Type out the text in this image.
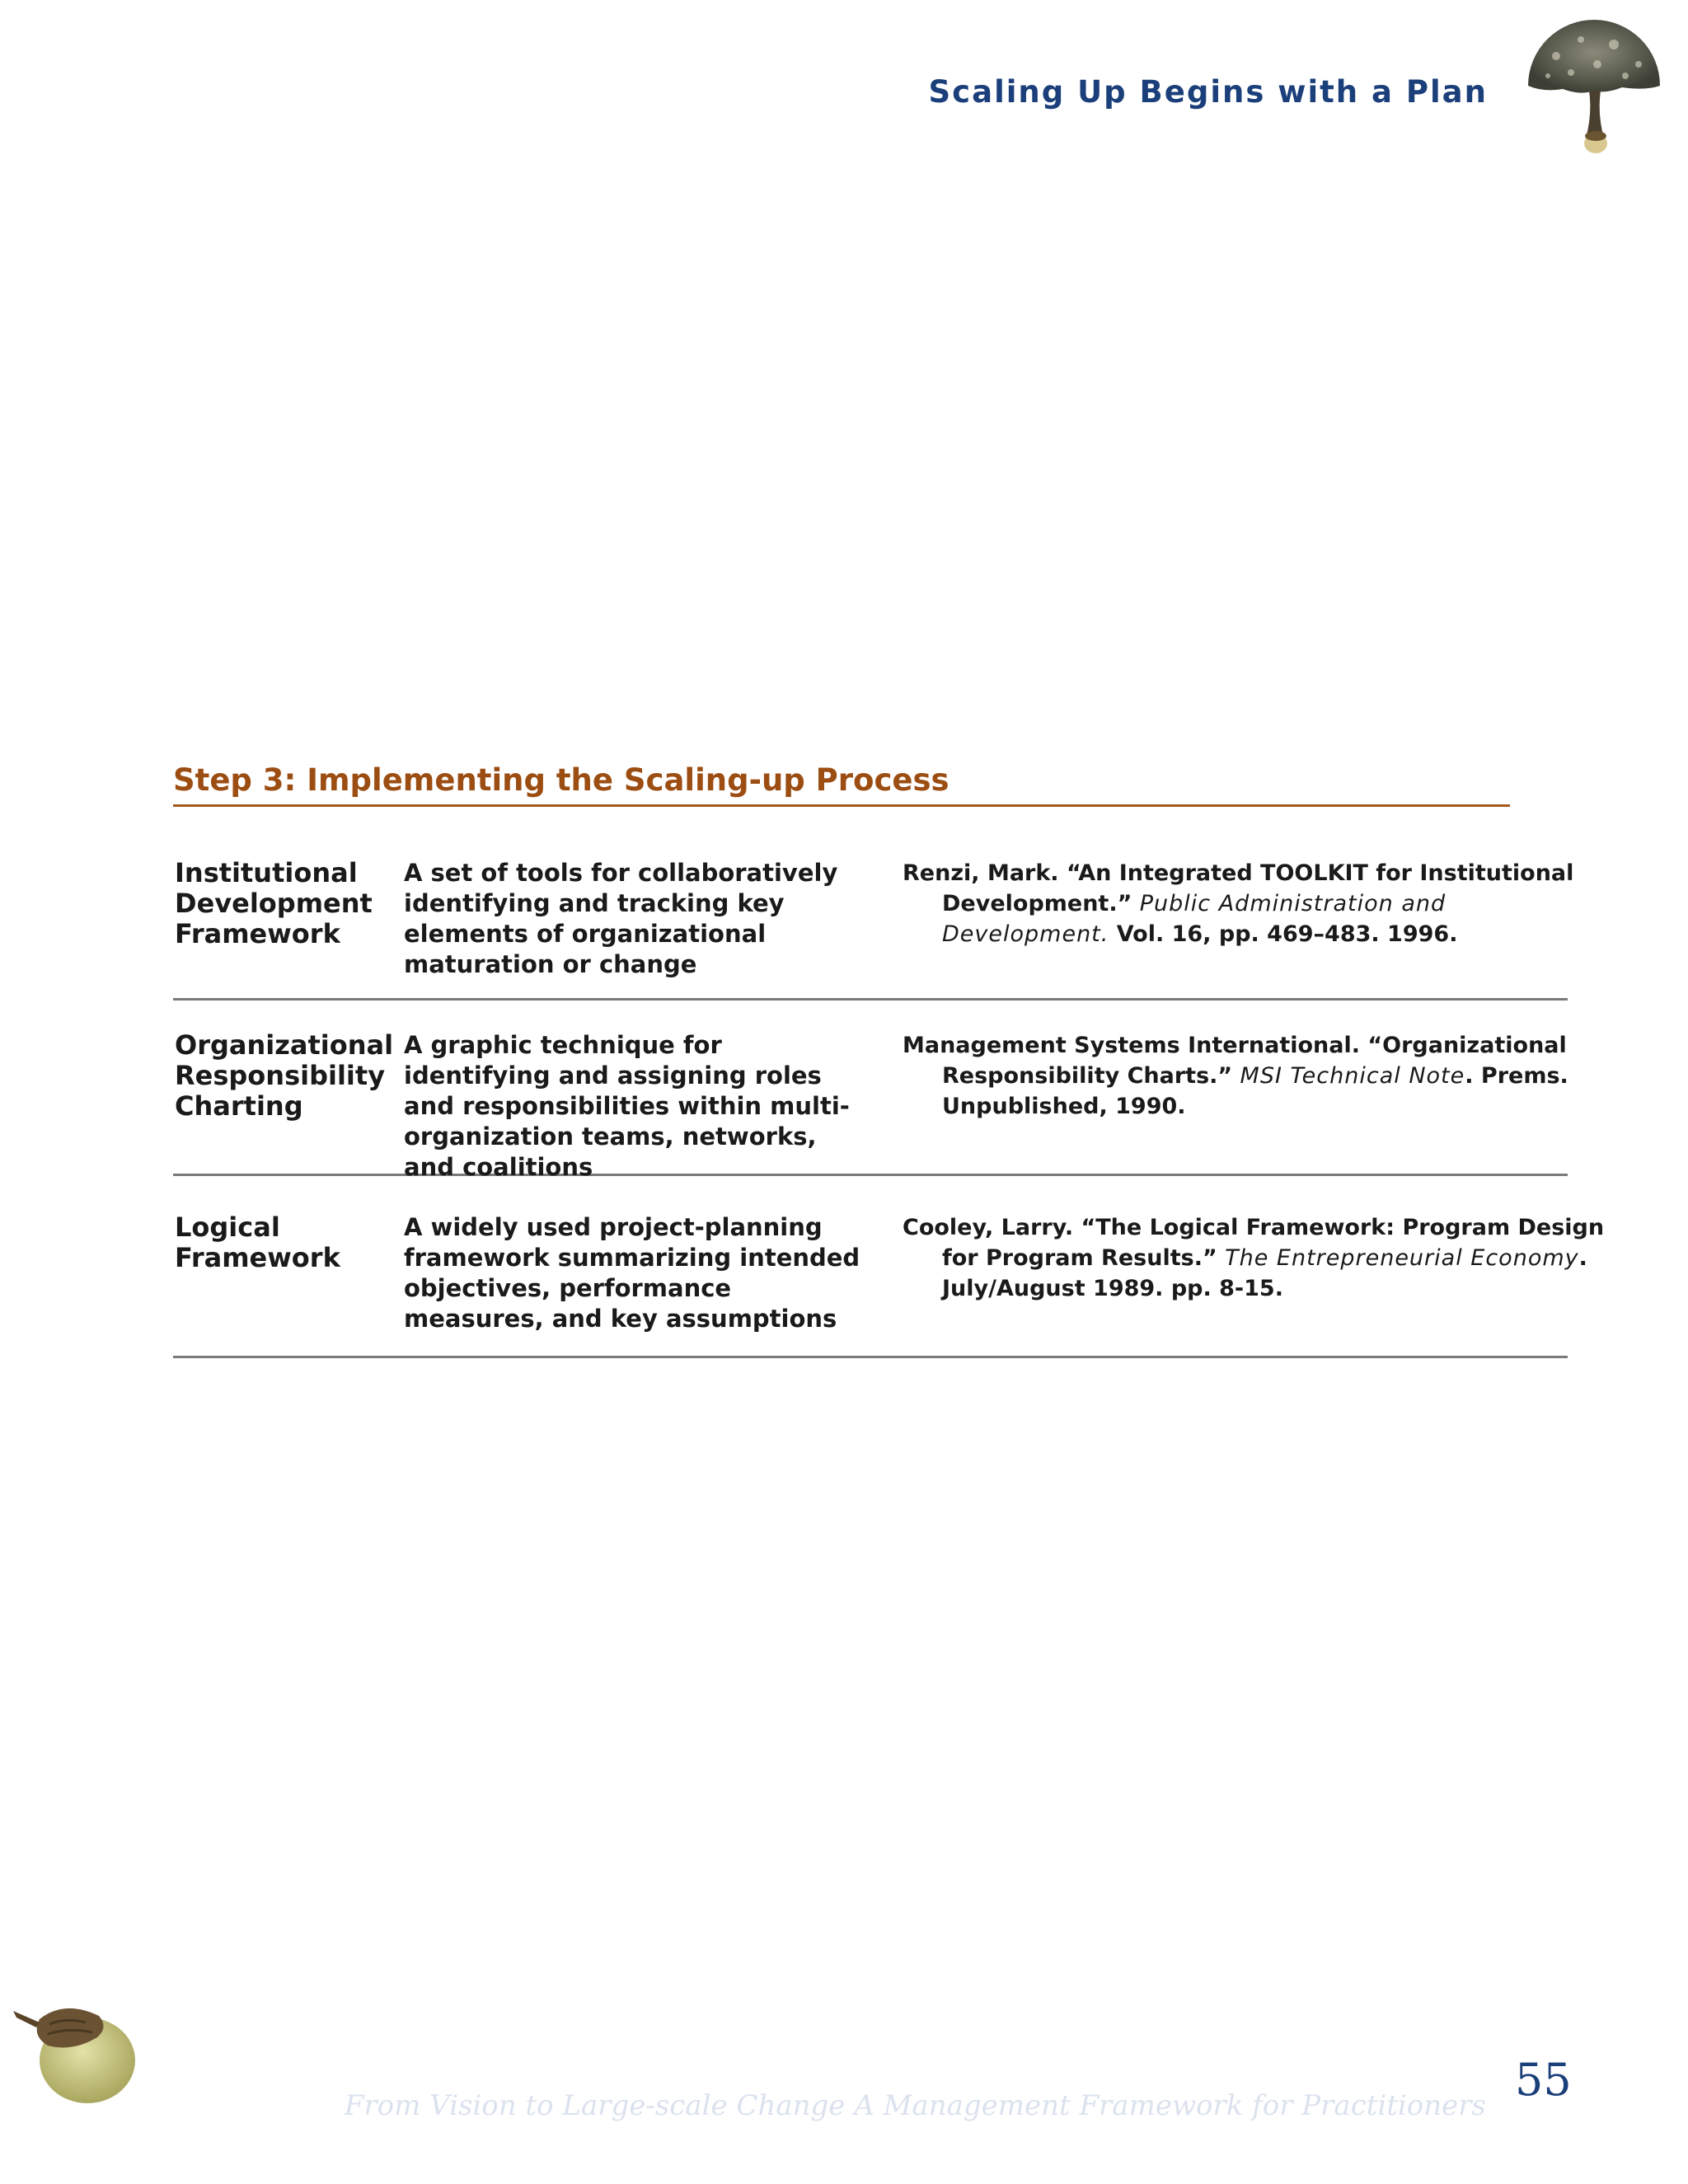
Scaling Up Begins with a Plan
Step 3: Implementing the Scaling-up Process
Institutional
Development
Framework
A set of tools for collaboratively identifying and tracking key elements of organizational maturation or change
Renzi, Mark. “An Integrated TOOLKIT for Institutional Development.” Public Administration and Development. Vol. 16, pp. 469–483. 1996.
Organizational
Responsibility
Charting
A graphic technique for identifying and assigning roles and responsibilities within multi-organization teams, networks, and coalitions
Management Systems International. “Organizational Responsibility Charts.” MSI Technical Note. Prems. Unpublished, 1990.
Logical
Framework
A widely used project-planning framework summarizing intended objectives, performance measures, and key assumptions
Cooley, Larry. “The Logical Framework: Program Design for Program Results.” The Entrepreneurial Economy. July/August 1989. pp. 8-15.
From Vision to Large-scale Change A Management Framework for Practitioners 55
